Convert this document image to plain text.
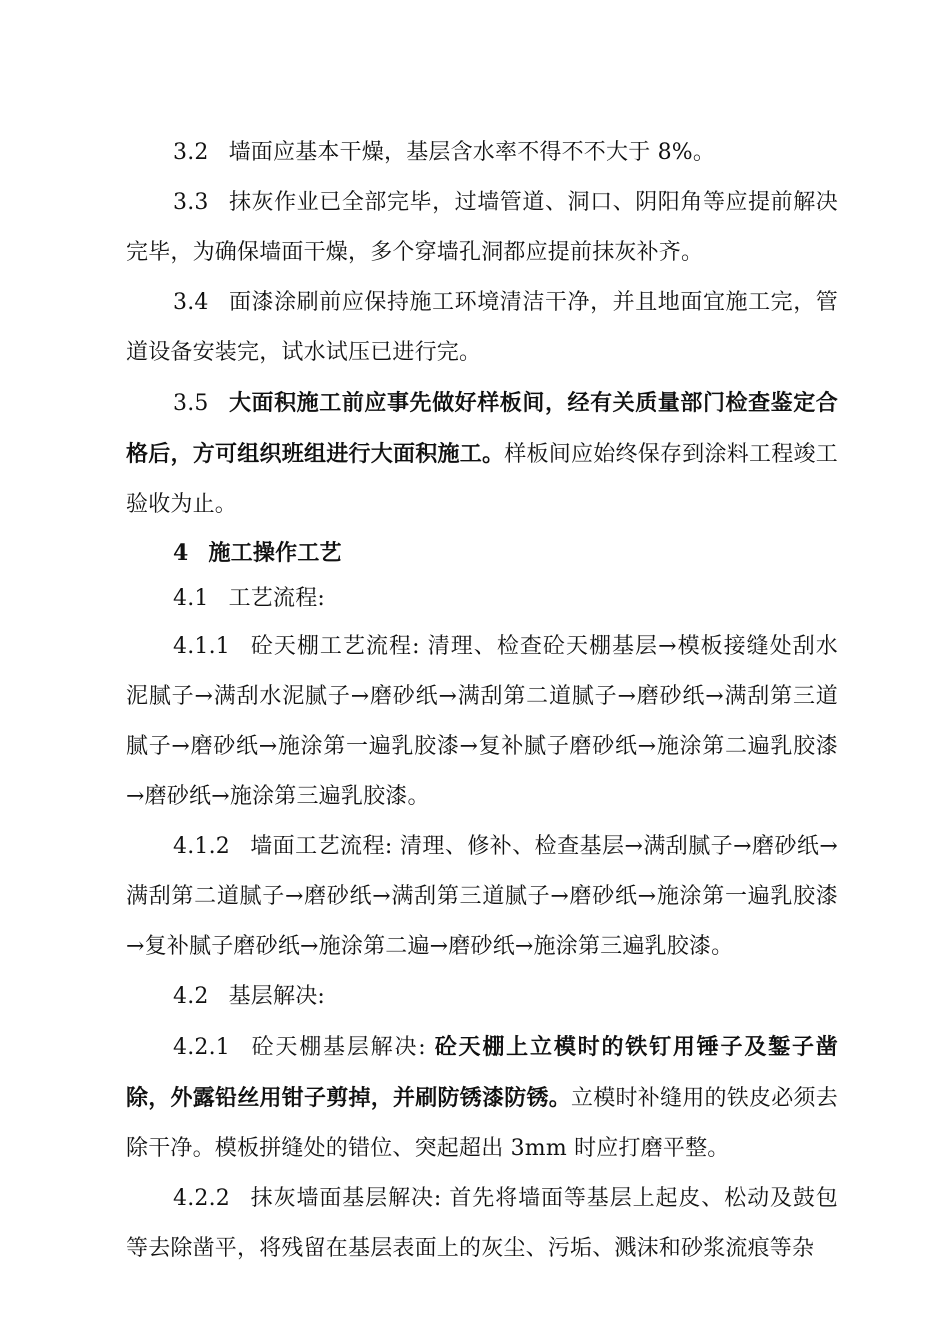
3.2 墙面应基本干燥，基层含水率不得不不大于 8%。

3.3 抹灰作业已全部完毕，过墙管道、洞口、阴阳角等应提前解决完毕，为确保墙面干燥，多个穿墙孔洞都应提前抹灰补齐。

3.4 面漆涂刷前应保持施工环境清洁干净，并且地面宜施工完，管道设备安装完，试水试压已进行完。

3.5 大面积施工前应事先做好样板间，经有关质量部门检查鉴定合格后，方可组织班组进行大面积施工。样板间应始终保存到涂料工程竣工验收为止。

4 施工操作工艺

4.1 工艺流程:

4.1.1 砼天棚工艺流程: 清理、检查砼天棚基层→模板接缝处刮水泥腻子→满刮水泥腻子→磨砂纸→满刮第二道腻子→磨砂纸→满刮第三道腻子→磨砂纸→施涂第一遍乳胶漆→复补腻子磨砂纸→施涂第二遍乳胶漆→磨砂纸→施涂第三遍乳胶漆。

4.1.2 墙面工艺流程: 清理、修补、检查基层→满刮腻子→磨砂纸→满刮第二道腻子→磨砂纸→满刮第三道腻子→磨砂纸→施涂第一遍乳胶漆→复补腻子磨砂纸→施涂第二遍→磨砂纸→施涂第三遍乳胶漆。

4.2 基层解决:

4.2.1 砼天棚基层解决: 砼天棚上立模时的铁钉用锤子及錾子凿除，外露铅丝用钳子剪掉，并刷防锈漆防锈。立模时补缝用的铁皮必须去除干净。模板拼缝处的错位、突起超出 3mm 时应打磨平整。

4.2.2 抹灰墙面基层解决: 首先将墙面等基层上起皮、松动及鼓包等去除凿平，将残留在基层表面上的灰尘、污垢、溅沫和砂浆流痕等杂
